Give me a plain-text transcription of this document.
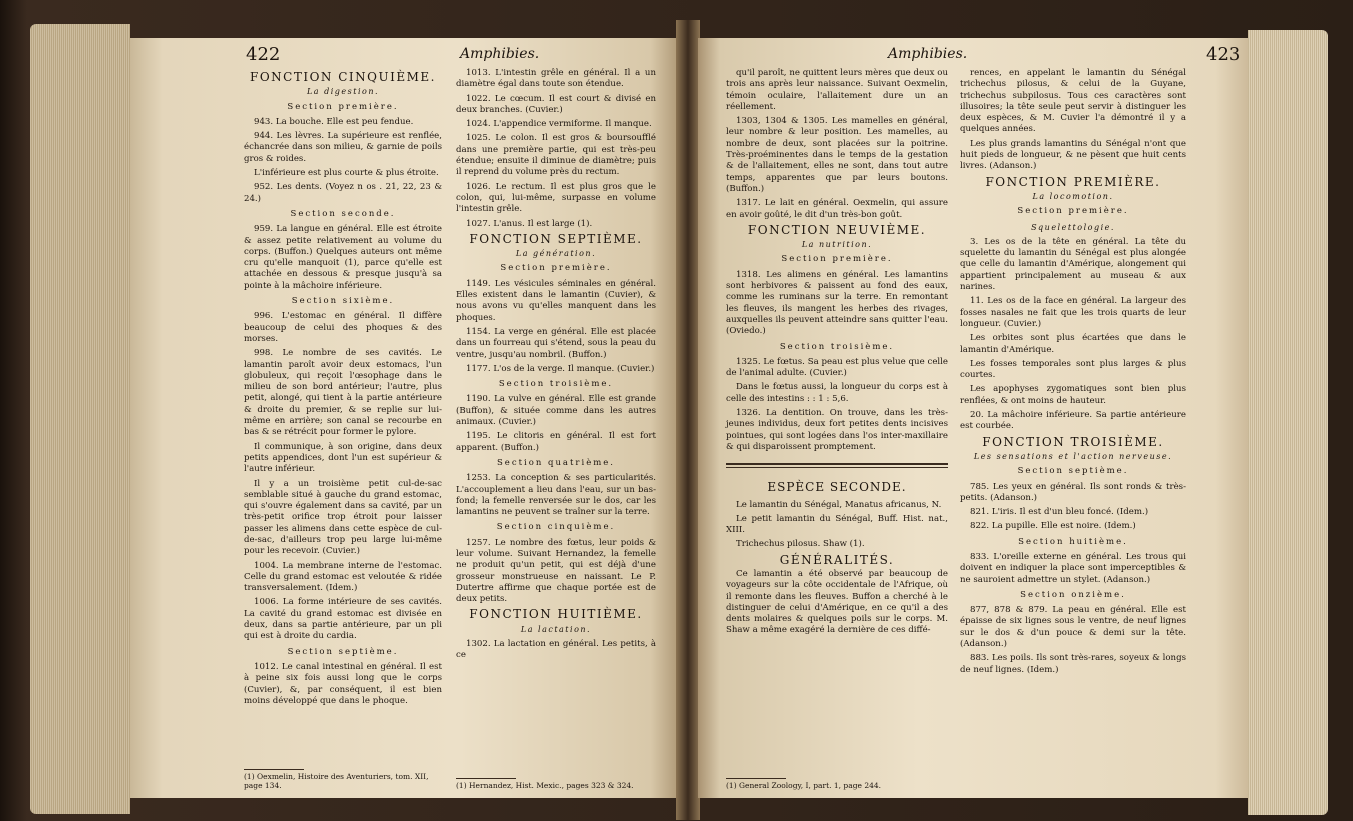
422	Amphibies.
FONCTION CINQUIÈME.
La digestion.
Section première.

943. La bouche. Elle est peu fendue.

944. Les lèvres. La supérieure est renflée, échancrée dans son milieu, & garnie de poils gros & roides.

L'inférieure est plus courte & plus étroite.

952. Les dents. (Voyez n os . 21, 22, 23 & 24.)

Section seconde.

959. La langue en général. Elle est étroite & assez petite relativement au volume du corps. (Buffon.) Quelques auteurs ont même cru qu'elle manquoit (1), parce qu'elle est attachée en dessous & presque jusqu'à sa pointe à la mâchoire inférieure.

Section sixième.

996. L'estomac en général. Il diffère beaucoup de celui des phoques & des morses.

998. Le nombre de ses cavités. Le lamantin paroît avoir deux estomacs, l'un globuleux, qui reçoit l'œsophage dans le milieu de son bord antérieur; l'autre, plus petit, alongé, qui tient à la partie antérieure & droite du premier, & se replie sur lui-même en arrière; son canal se recourbe en bas & se rétrécit pour former le pylore.

Il communique, à son origine, dans deux petits appendices, dont l'un est supérieur & l'autre inférieur.

Il y a un troisième petit cul-de-sac semblable situé à gauche du grand estomac, qui s'ouvre également dans sa cavité, par un très-petit orifice trop étroit pour laisser passer les alimens dans cette espèce de cul-de-sac, d'ailleurs trop peu large lui-même pour les recevoir. (Cuvier.)

1004. La membrane interne de l'estomac. Celle du grand estomac est veloutée & ridée transversalement. (Idem.)

1006. La forme intérieure de ses cavités. La cavité du grand estomac est divisée en deux, dans sa partie antérieure, par un pli qui est à droite du cardia.

Section septième.

1012. Le canal intestinal en général. Il est à peine six fois aussi long que le corps (Cuvier), &, par conséquent, il est bien moins développé que dans le phoque.

(1) Oexmelin, Histoire des Aventuriers, tom. XII, page 134.

1013. L'intestin grêle en général. Il a un diamètre égal dans toute son étendue.

1022. Le cœcum. Il est court & divisé en deux branches. (Cuvier.)

1024. L'appendice vermiforme. Il manque.

1025. Le colon. Il est gros & boursoufflé dans une première partie, qui est très-peu étendue; ensuite il diminue de diamètre; puis il reprend du volume près du rectum.

1026. Le rectum. Il est plus gros que le colon, qui, lui-même, surpasse en volume l'intestin grêle.

1027. L'anus. Il est large (1).

FONCTION SEPTIÈME.
La génération.
Section première.

1149. Les vésicules séminales en général. Elles existent dans le lamantin (Cuvier), & nous avons vu qu'elles manquent dans les phoques.

1154. La verge en général. Elle est placée dans un fourreau qui s'étend, sous la peau du ventre, jusqu'au nombril. (Buffon.)

1177. L'os de la verge. Il manque. (Cuvier.)

Section troisième.

1190. La vulve en général. Elle est grande (Buffon), & située comme dans les autres animaux. (Cuvier.)

1195. Le clitoris en général. Il est fort apparent. (Buffon.)

Section quatrième.

1253. La conception & ses particularités. L'accouplement a lieu dans l'eau, sur un bas-fond; la femelle renversée sur le dos, car les lamantins ne peuvent se traîner sur la terre.

Section cinquième.

1257. Le nombre des fœtus, leur poids & leur volume. Suivant Hernandez, la femelle ne produit qu'un petit, qui est déjà d'une grosseur monstrueuse en naissant. Le P. Dutertre affirme que chaque portée est de deux petits.

FONCTION HUITIÈME.
La lactation.

1302. La lactation en général. Les petits, à ce

(1) Hernandez, Hist. Mexic., pages 323 & 324.
Amphibies.	423

qu'il paroît, ne quittent leurs mères que deux ou trois ans après leur naissance. Suivant Oexmelin, témoin oculaire, l'allaitement dure un an réellement.

1303, 1304 & 1305. Les mamelles en général, leur nombre & leur position. Les mamelles, au nombre de deux, sont placées sur la poitrine. Très-proéminentes dans le temps de la gestation & de l'allaitement, elles ne sont, dans tout autre temps, apparentes que par leurs boutons. (Buffon.)

1317. Le lait en général. Oexmelin, qui assure en avoir goûté, le dit d'un très-bon goût.

FONCTION NEUVIÈME.
La nutrition.
Section première.

1318. Les alimens en général. Les lamantins sont herbivores & paissent au fond des eaux, comme les ruminans sur la terre. En remontant les fleuves, ils mangent les herbes des rivages, auxquelles ils peuvent atteindre sans quitter l'eau. (Oviedo.)

Section troisième.

1325. Le fœtus. Sa peau est plus velue que celle de l'animal adulte. (Cuvier.)

Dans le fœtus aussi, la longueur du corps est à celle des intestins : : 1 : 5,6.

1326. La dentition. On trouve, dans les très-jeunes individus, deux fort petites dents incisives pointues, qui sont logées dans l'os inter-maxillaire & qui disparoissent promptement.

ESPÈCE SECONDE.

Le lamantin du Sénégal, Manatus africanus, N.

Le petit lamantin du Sénégal, Buff. Hist. nat., XIII.

Trichechus pilosus. Shaw (1).

GÉNÉRALITÉS.

Ce lamantin a été observé par beaucoup de voyageurs sur la côte occidentale de l'Afrique, où il remonte dans les fleuves. Buffon a cherché à le distinguer de celui d'Amérique, en ce qu'il a des dents molaires & quelques poils sur le corps. M. Shaw a même exagéré la dernière de ces diffé-

(1) General Zoology, I, part. 1, page 244.

rences, en appelant le lamantin du Sénégal trichechus pilosus, & celui de la Guyane, trichechus subpilosus. Tous ces caractères sont illusoires; la tête seule peut servir à distinguer les deux espèces, & M. Cuvier l'a démontré il y a quelques années.

Les plus grands lamantins du Sénégal n'ont que huit pieds de longueur, & ne pèsent que huit cents livres. (Adanson.)

FONCTION PREMIÈRE.
La locomotion.
Section première.
Squelettologie.

3. Les os de la tête en général. La tête du squelette du lamantin du Sénégal est plus alongée que celle du lamantin d'Amérique, alongement qui appartient principalement au museau & aux narines.

11. Les os de la face en général. La largeur des fosses nasales ne fait que les trois quarts de leur longueur. (Cuvier.)

Les orbites sont plus écartées que dans le lamantin d'Amérique.

Les fosses temporales sont plus larges & plus courtes.

Les apophyses zygomatiques sont bien plus renflées, & ont moins de hauteur.

20. La mâchoire inférieure. Sa partie antérieure est courbée.

FONCTION TROISIÈME.
Les sensations et l'action nerveuse.
Section septième.

785. Les yeux en général. Ils sont ronds & très-petits. (Adanson.)

821. L'iris. Il est d'un bleu foncé. (Idem.)

822. La pupille. Elle est noire. (Idem.)

Section huitième.

833. L'oreille externe en général. Les trous qui doivent en indiquer la place sont imperceptibles & ne sauroient admettre un stylet. (Adanson.)

Section onzième.

877, 878 & 879. La peau en général. Elle est épaisse de six lignes sous le ventre, de neuf lignes sur le dos & d'un pouce & demi sur la tête. (Adanson.)

883. Les poils. Ils sont très-rares, soyeux & longs de neuf lignes. (Idem.)
